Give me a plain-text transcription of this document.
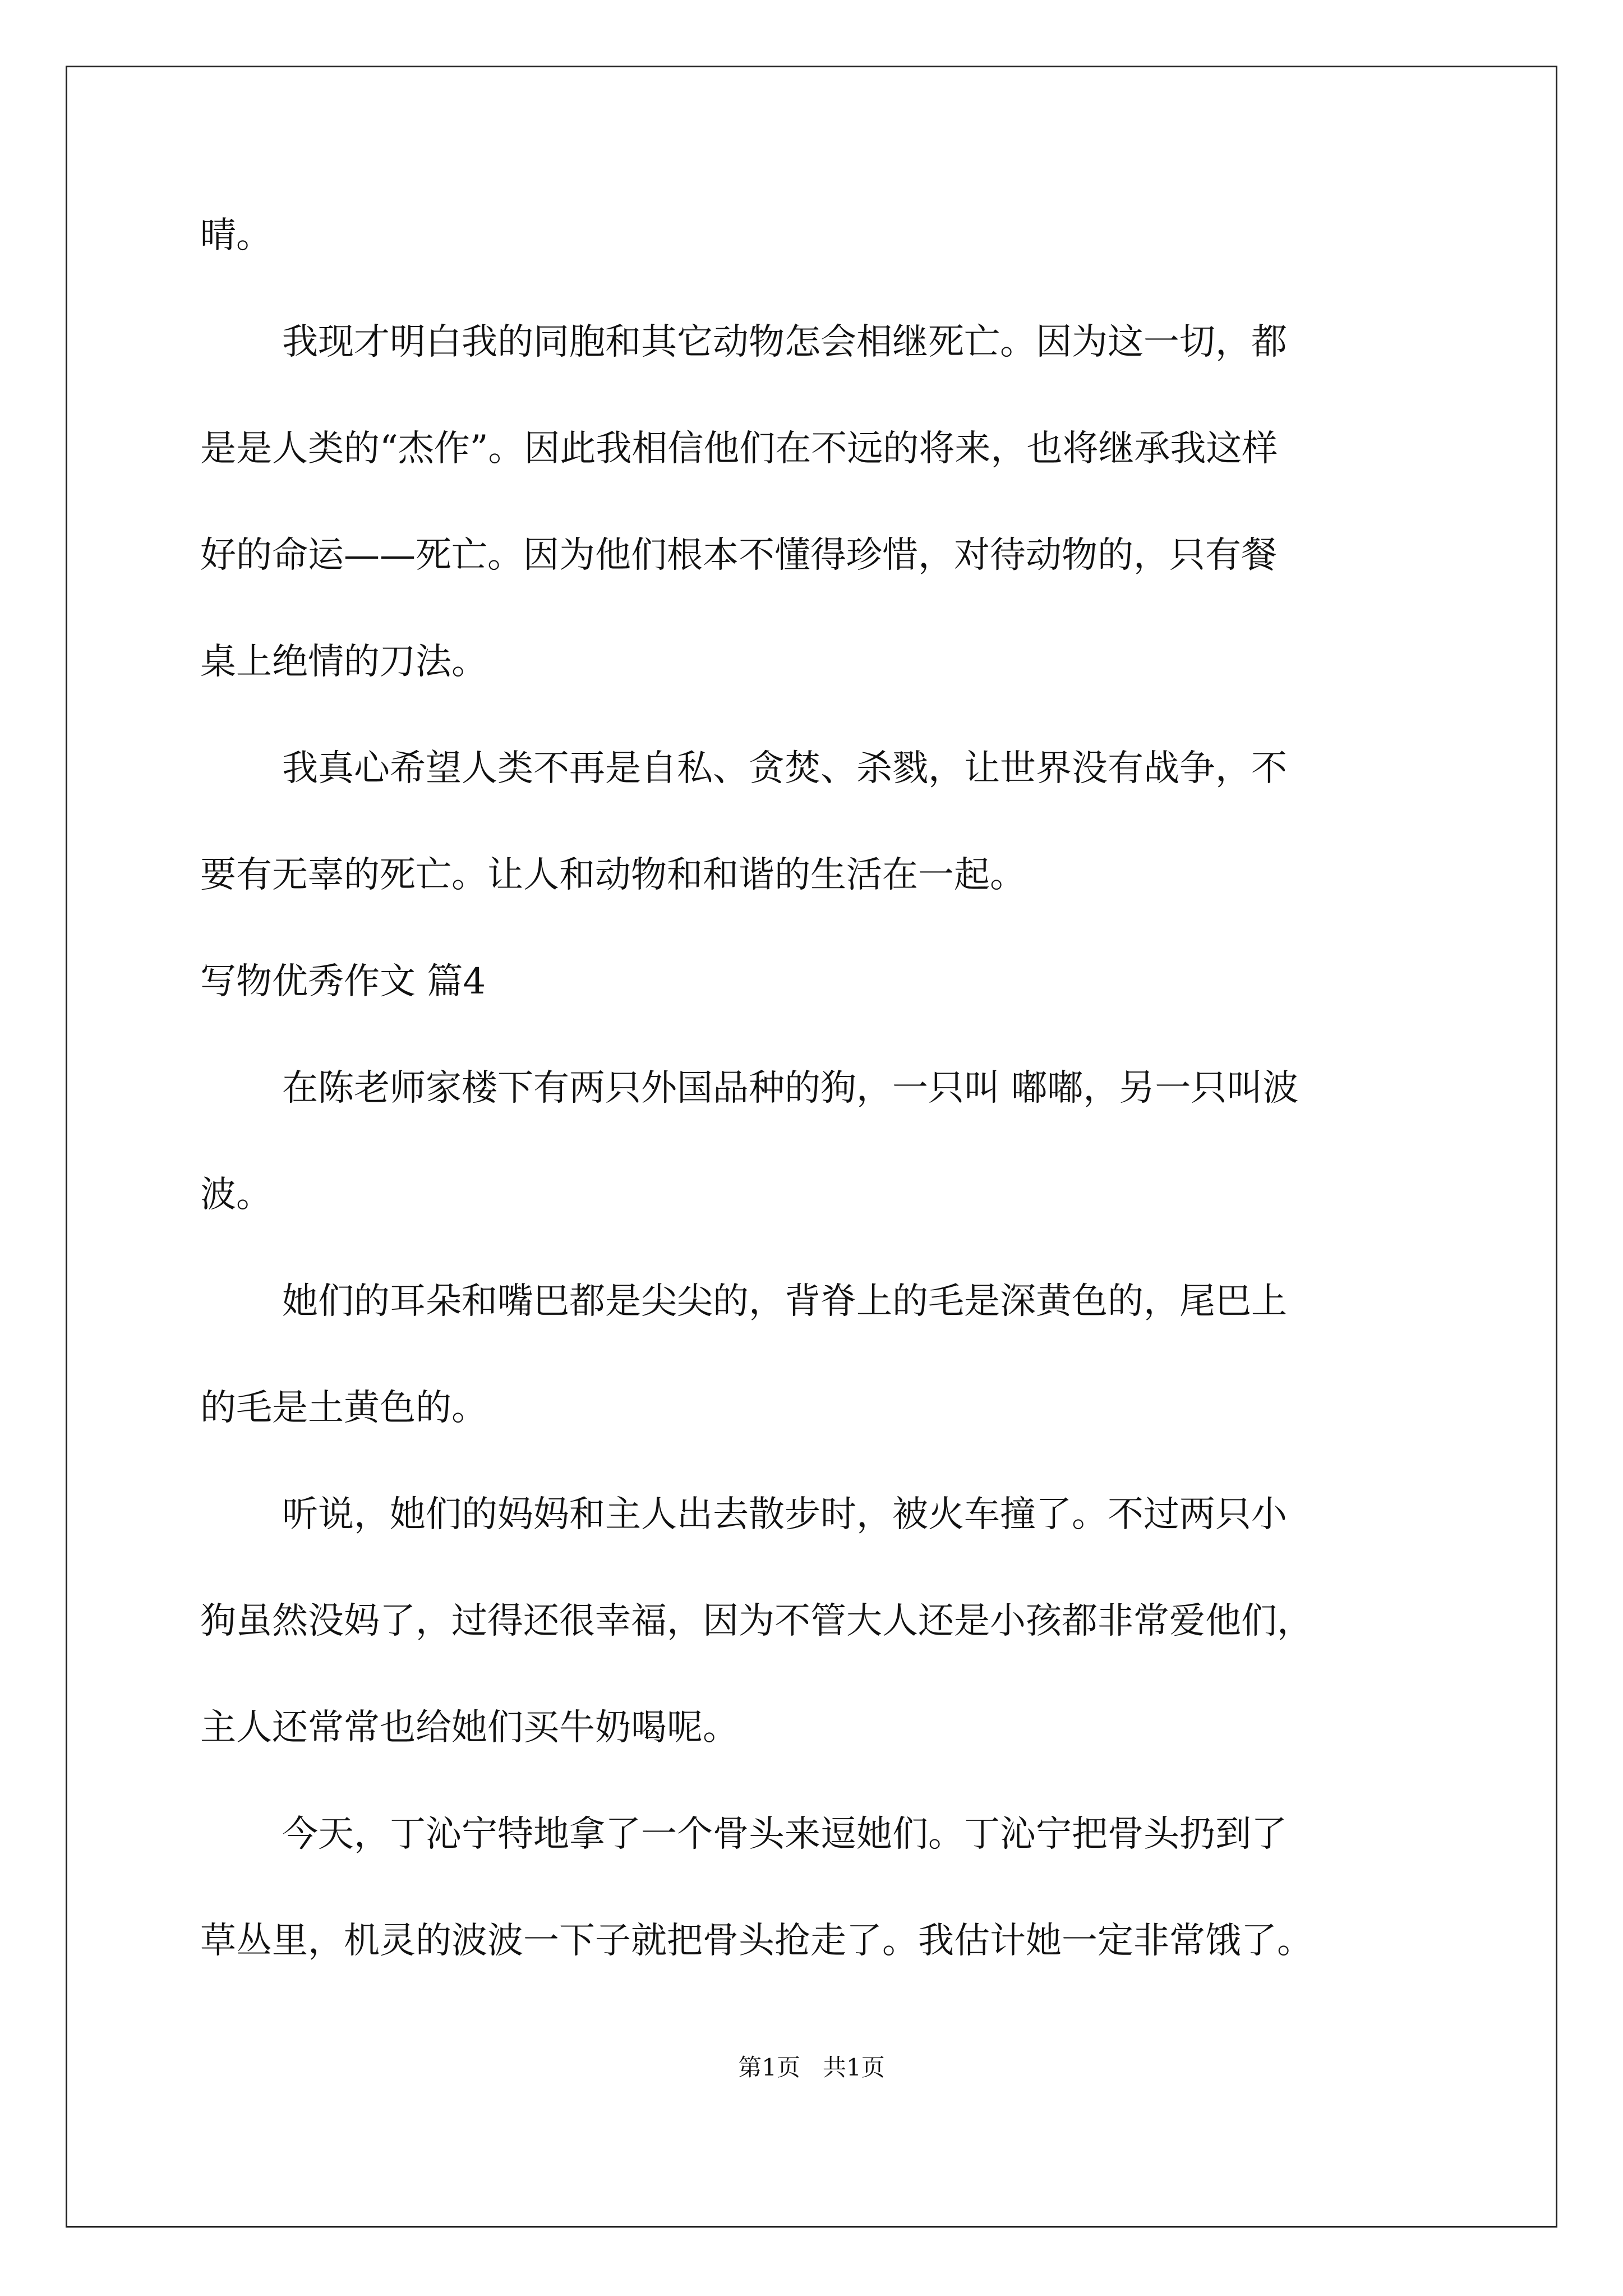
晴。
我现才明白我的同胞和其它动物怎会相继死亡。因为这一切，都
是是人类的“杰作”。因此我相信他们在不远的将来，也将继承我这样
好的命运——死亡。因为他们根本不懂得珍惜，对待动物的，只有餐
桌上绝情的刀法。
我真心希望人类不再是自私、贪焚、杀戮，让世界没有战争，不
要有无辜的死亡。让人和动物和和谐的生活在一起。
写物优秀作文 篇4
在陈老师家楼下有两只外国品种的狗，一只叫 嘟嘟，另一只叫波
波。
她们的耳朵和嘴巴都是尖尖的，背脊上的毛是深黄色的，尾巴上
的毛是土黄色的。
听说，她们的妈妈和主人出去散步时，被火车撞了。不过两只小
狗虽然没妈了，过得还很幸福，因为不管大人还是小孩都非常爱他们，
主人还常常也给她们买牛奶喝呢。
今天，丁沁宁特地拿了一个骨头来逗她们。丁沁宁把骨头扔到了
草丛里，机灵的波波一下子就把骨头抢走了。我估计她一定非常饿了。
第1页   共1页
